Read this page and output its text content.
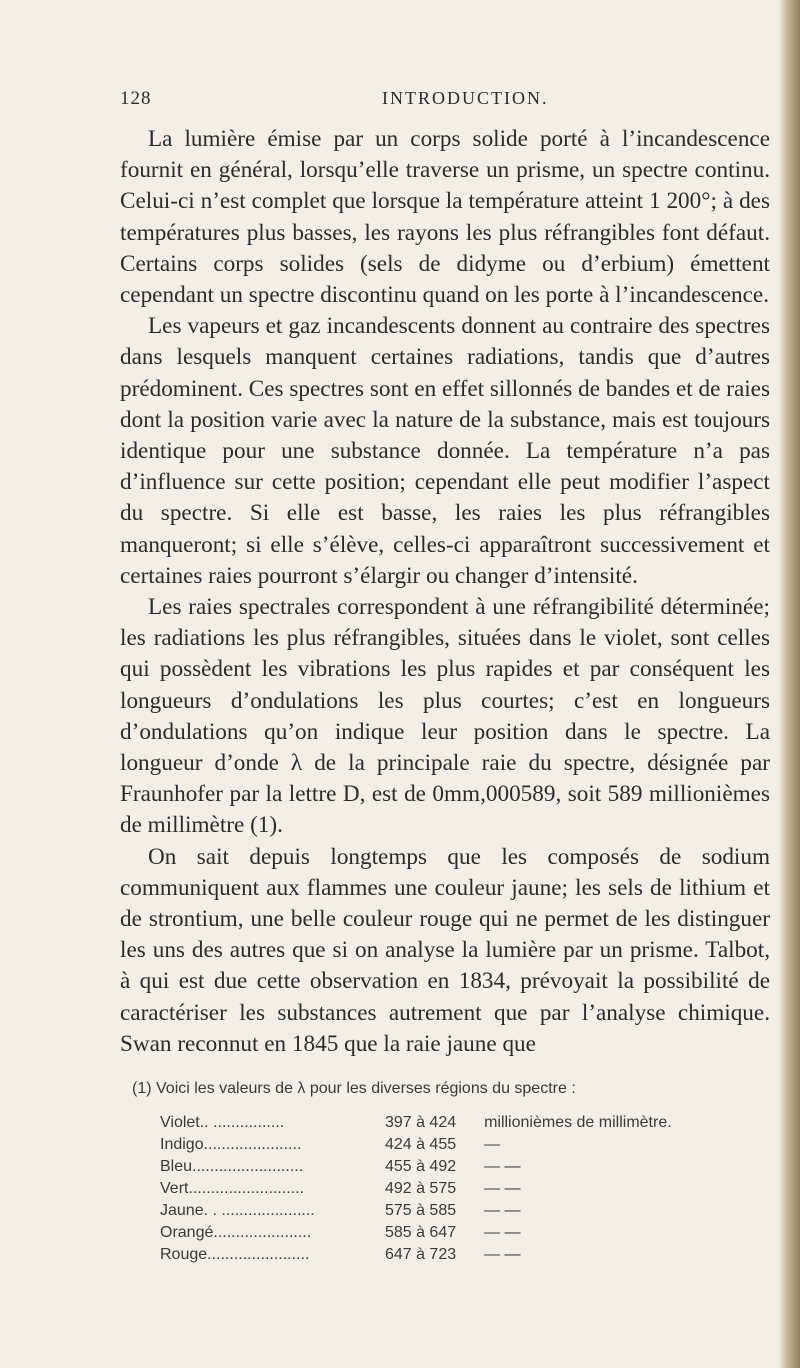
128	INTRODUCTION.

La lumière émise par un corps solide porté à l’incandescence fournit en général, lorsqu’elle traverse un prisme, un spectre continu. Celui-ci n’est complet que lorsque la température atteint 1 200°; à des températures plus basses, les rayons les plus réfrangibles font défaut. Certains corps solides (sels de didyme ou d’erbium) émettent cependant un spectre discontinu quand on les porte à l’incandescence.

Les vapeurs et gaz incandescents donnent au contraire des spectres dans lesquels manquent certaines radiations, tandis que d’autres prédominent. Ces spectres sont en effet sillonnés de bandes et de raies dont la position varie avec la nature de la substance, mais est toujours identique pour une substance donnée. La température n’a pas d’influence sur cette position; cependant elle peut modifier l’aspect du spectre. Si elle est basse, les raies les plus réfrangibles manqueront; si elle s’élève, celles-ci apparaîtront successivement et certaines raies pourront s’élargir ou changer d’intensité.

Les raies spectrales correspondent à une réfrangibilité déterminée; les radiations les plus réfrangibles, situées dans le violet, sont celles qui possèdent les vibrations les plus rapides et par conséquent les longueurs d’ondulations les plus courtes; c’est en longueurs d’ondulations qu’on indique leur position dans le spectre. La longueur d’onde λ de la principale raie du spectre, désignée par Fraunhofer par la lettre D, est de 0mm,000589, soit 589 millionièmes de millimètre (1).

On sait depuis longtemps que les composés de sodium communiquent aux flammes une couleur jaune; les sels de lithium et de strontium, une belle couleur rouge qui ne permet de les distinguer les uns des autres que si on analyse la lumière par un prisme. Talbot, à qui est due cette observation en 1834, prévoyait la possibilité de caractériser les substances autrement que par l’analyse chimique. Swan reconnut en 1845 que la raie jaune que

(1) Voici les valeurs de λ pour les diverses régions du spectre :
Violet.. ................	397 à 424	millionièmes de millimètre.
Indigo......................	424 à 455	—
Bleu.........................	455 à 492	— —
Vert..........................	492 à 575	— —
Jaune. . .....................	575 à 585	— —
Orangé......................	585 à 647	— —
Rouge.......................	647 à 723	— —
